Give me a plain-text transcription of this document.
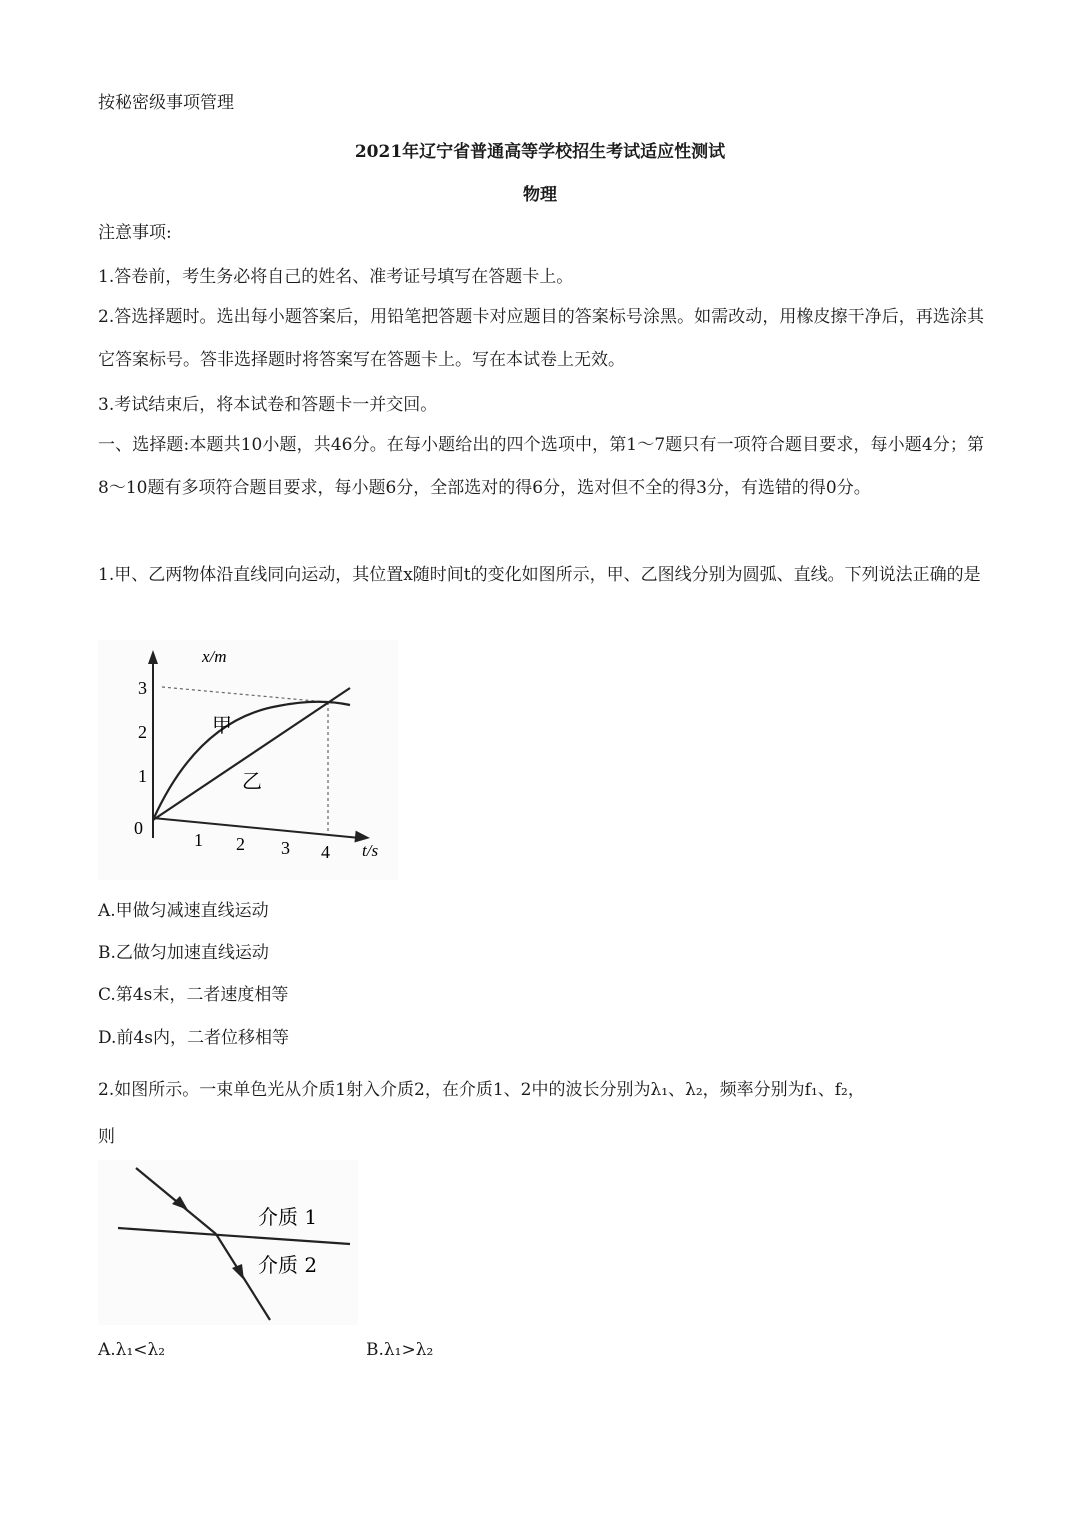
按秘密级事项管理
2021年辽宁省普通高等学校招生考试适应性测试
物理
注意事项:
1.答卷前，考生务必将自己的姓名、准考证号填写在答题卡上。
2.答选择题时。选出每小题答案后，用铅笔把答题卡对应题目的答案标号涂黑。如需改动，用橡皮擦干净后，再选涂其它答案标号。答非选择题时将答案写在答题卡上。写在本试卷上无效。
3.考试结束后，将本试卷和答题卡一并交回。
一、选择题:本题共10小题，共46分。在每小题给出的四个选项中，第1～7题只有一项符合题目要求，每小题4分；第8～10题有多项符合题目要求，每小题6分，全部选对的得6分，选对但不全的得3分，有选错的得0分。
1.甲、乙两物体沿直线同向运动，其位置x随时间t的变化如图所示，甲、乙图线分别为圆弧、直线。下列说法正确的是
x/m
t/s
0
1
2
3
1 2 3 4
甲
乙
A.甲做匀减速直线运动
B.乙做匀加速直线运动
C.第4s末，二者速度相等
D.前4s内，二者位移相等
2.如图所示。一束单色光从介质1射入介质2，在介质1、2中的波长分别为λ₁、λ₂，频率分别为f₁、f₂，
则
介质 1
介质 2
A.λ₁<λ₂	B.λ₁>λ₂
